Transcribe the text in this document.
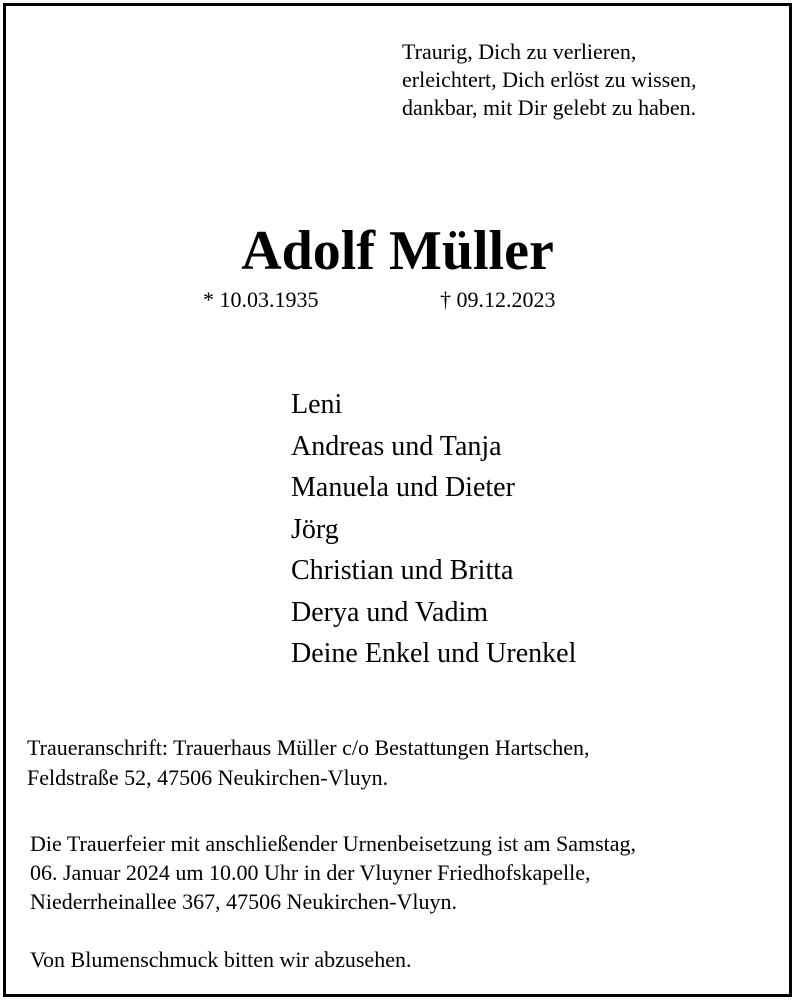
Traurig, Dich zu verlieren,
erleichtert, Dich erlöst zu wissen,
dankbar, mit Dir gelebt zu haben.
Adolf Müller
* 10.03.1935	† 09.12.2023
Leni
Andreas und Tanja
Manuela und Dieter
Jörg
Christian und Britta
Derya und Vadim
Deine Enkel und Urenkel
Traueranschrift: Trauerhaus Müller c/o Bestattungen Hartschen,
Feldstraße 52, 47506 Neukirchen-Vluyn.
Die Trauerfeier mit anschließender Urnenbeisetzung ist am Samstag,
06. Januar 2024 um 10.00 Uhr in der Vluyner Friedhofskapelle,
Niederrheinallee 367, 47506 Neukirchen-Vluyn.
Von Blumenschmuck bitten wir abzusehen.
